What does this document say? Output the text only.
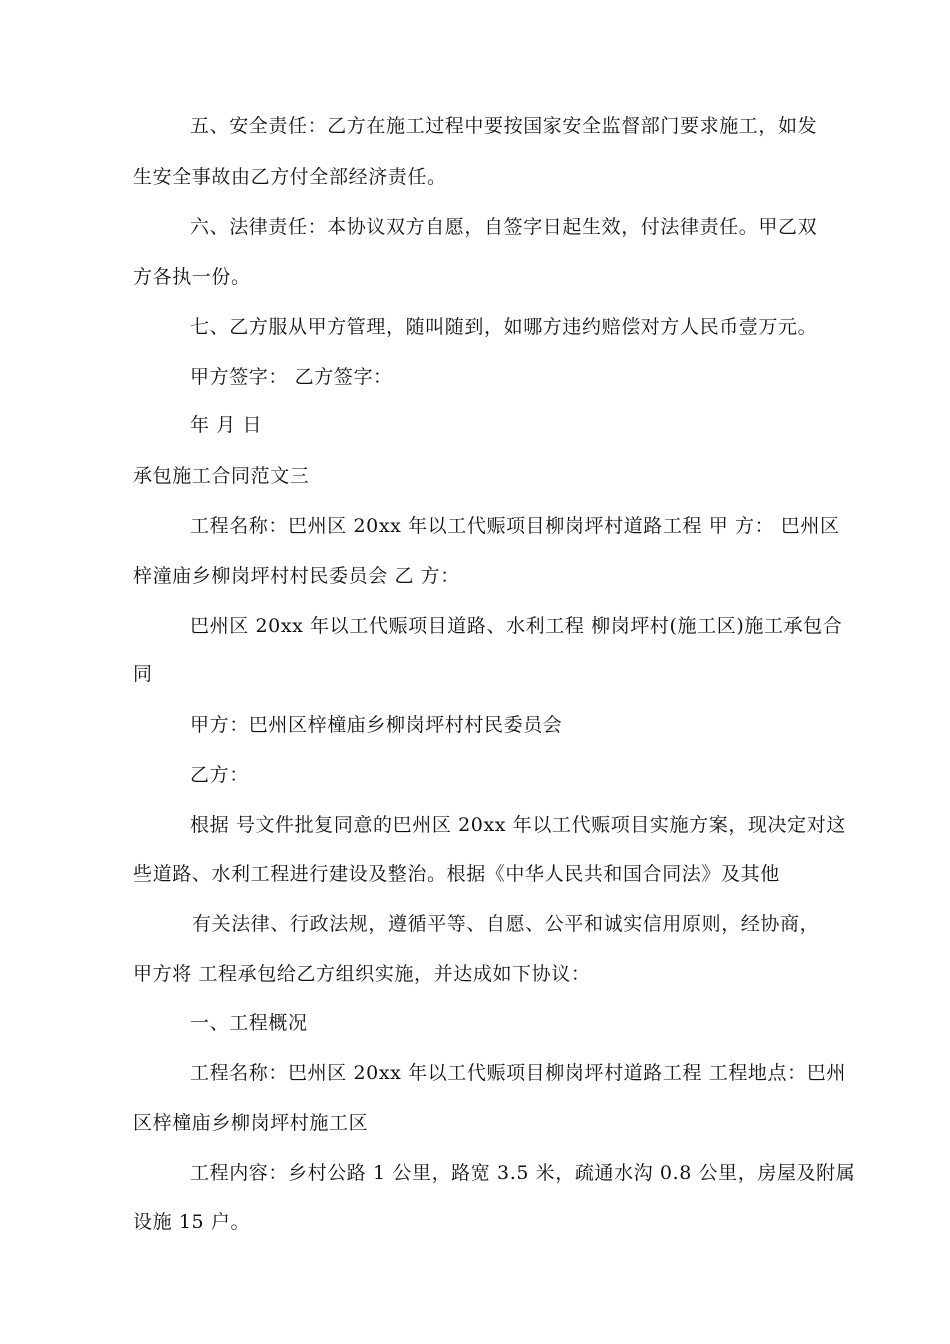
五、安全责任：乙方在施工过程中要按国家安全监督部门要求施工，如发
生安全事故由乙方付全部经济责任。
六、法律责任：本协议双方自愿，自签字日起生效，付法律责任。甲乙双
方各执一份。
七、乙方服从甲方管理，随叫随到，如哪方违约赔偿对方人民币壹万元。
甲方签字： 乙方签字：
年 月 日
承包施工合同范文三
工程名称：巴州区 20xx 年以工代赈项目柳岗坪村道路工程 甲 方： 巴州区
梓潼庙乡柳岗坪村村民委员会 乙 方：
巴州区 20xx 年以工代赈项目道路、水利工程 柳岗坪村(施工区)施工承包合
同
甲方：巴州区梓橦庙乡柳岗坪村村民委员会
乙方：
根据 号文件批复同意的巴州区 20xx 年以工代赈项目实施方案，现决定对这
些道路、水利工程进行建设及整治。根据《中华人民共和国合同法》及其他
有关法律、行政法规，遵循平等、自愿、公平和诚实信用原则，经协商，
甲方将 工程承包给乙方组织实施，并达成如下协议：
一、工程概况
工程名称：巴州区 20xx 年以工代赈项目柳岗坪村道路工程 工程地点：巴州
区梓橦庙乡柳岗坪村施工区
工程内容：乡村公路 1 公里，路宽 3.5 米，疏通水沟 0.8 公里，房屋及附属
设施 15 户。
